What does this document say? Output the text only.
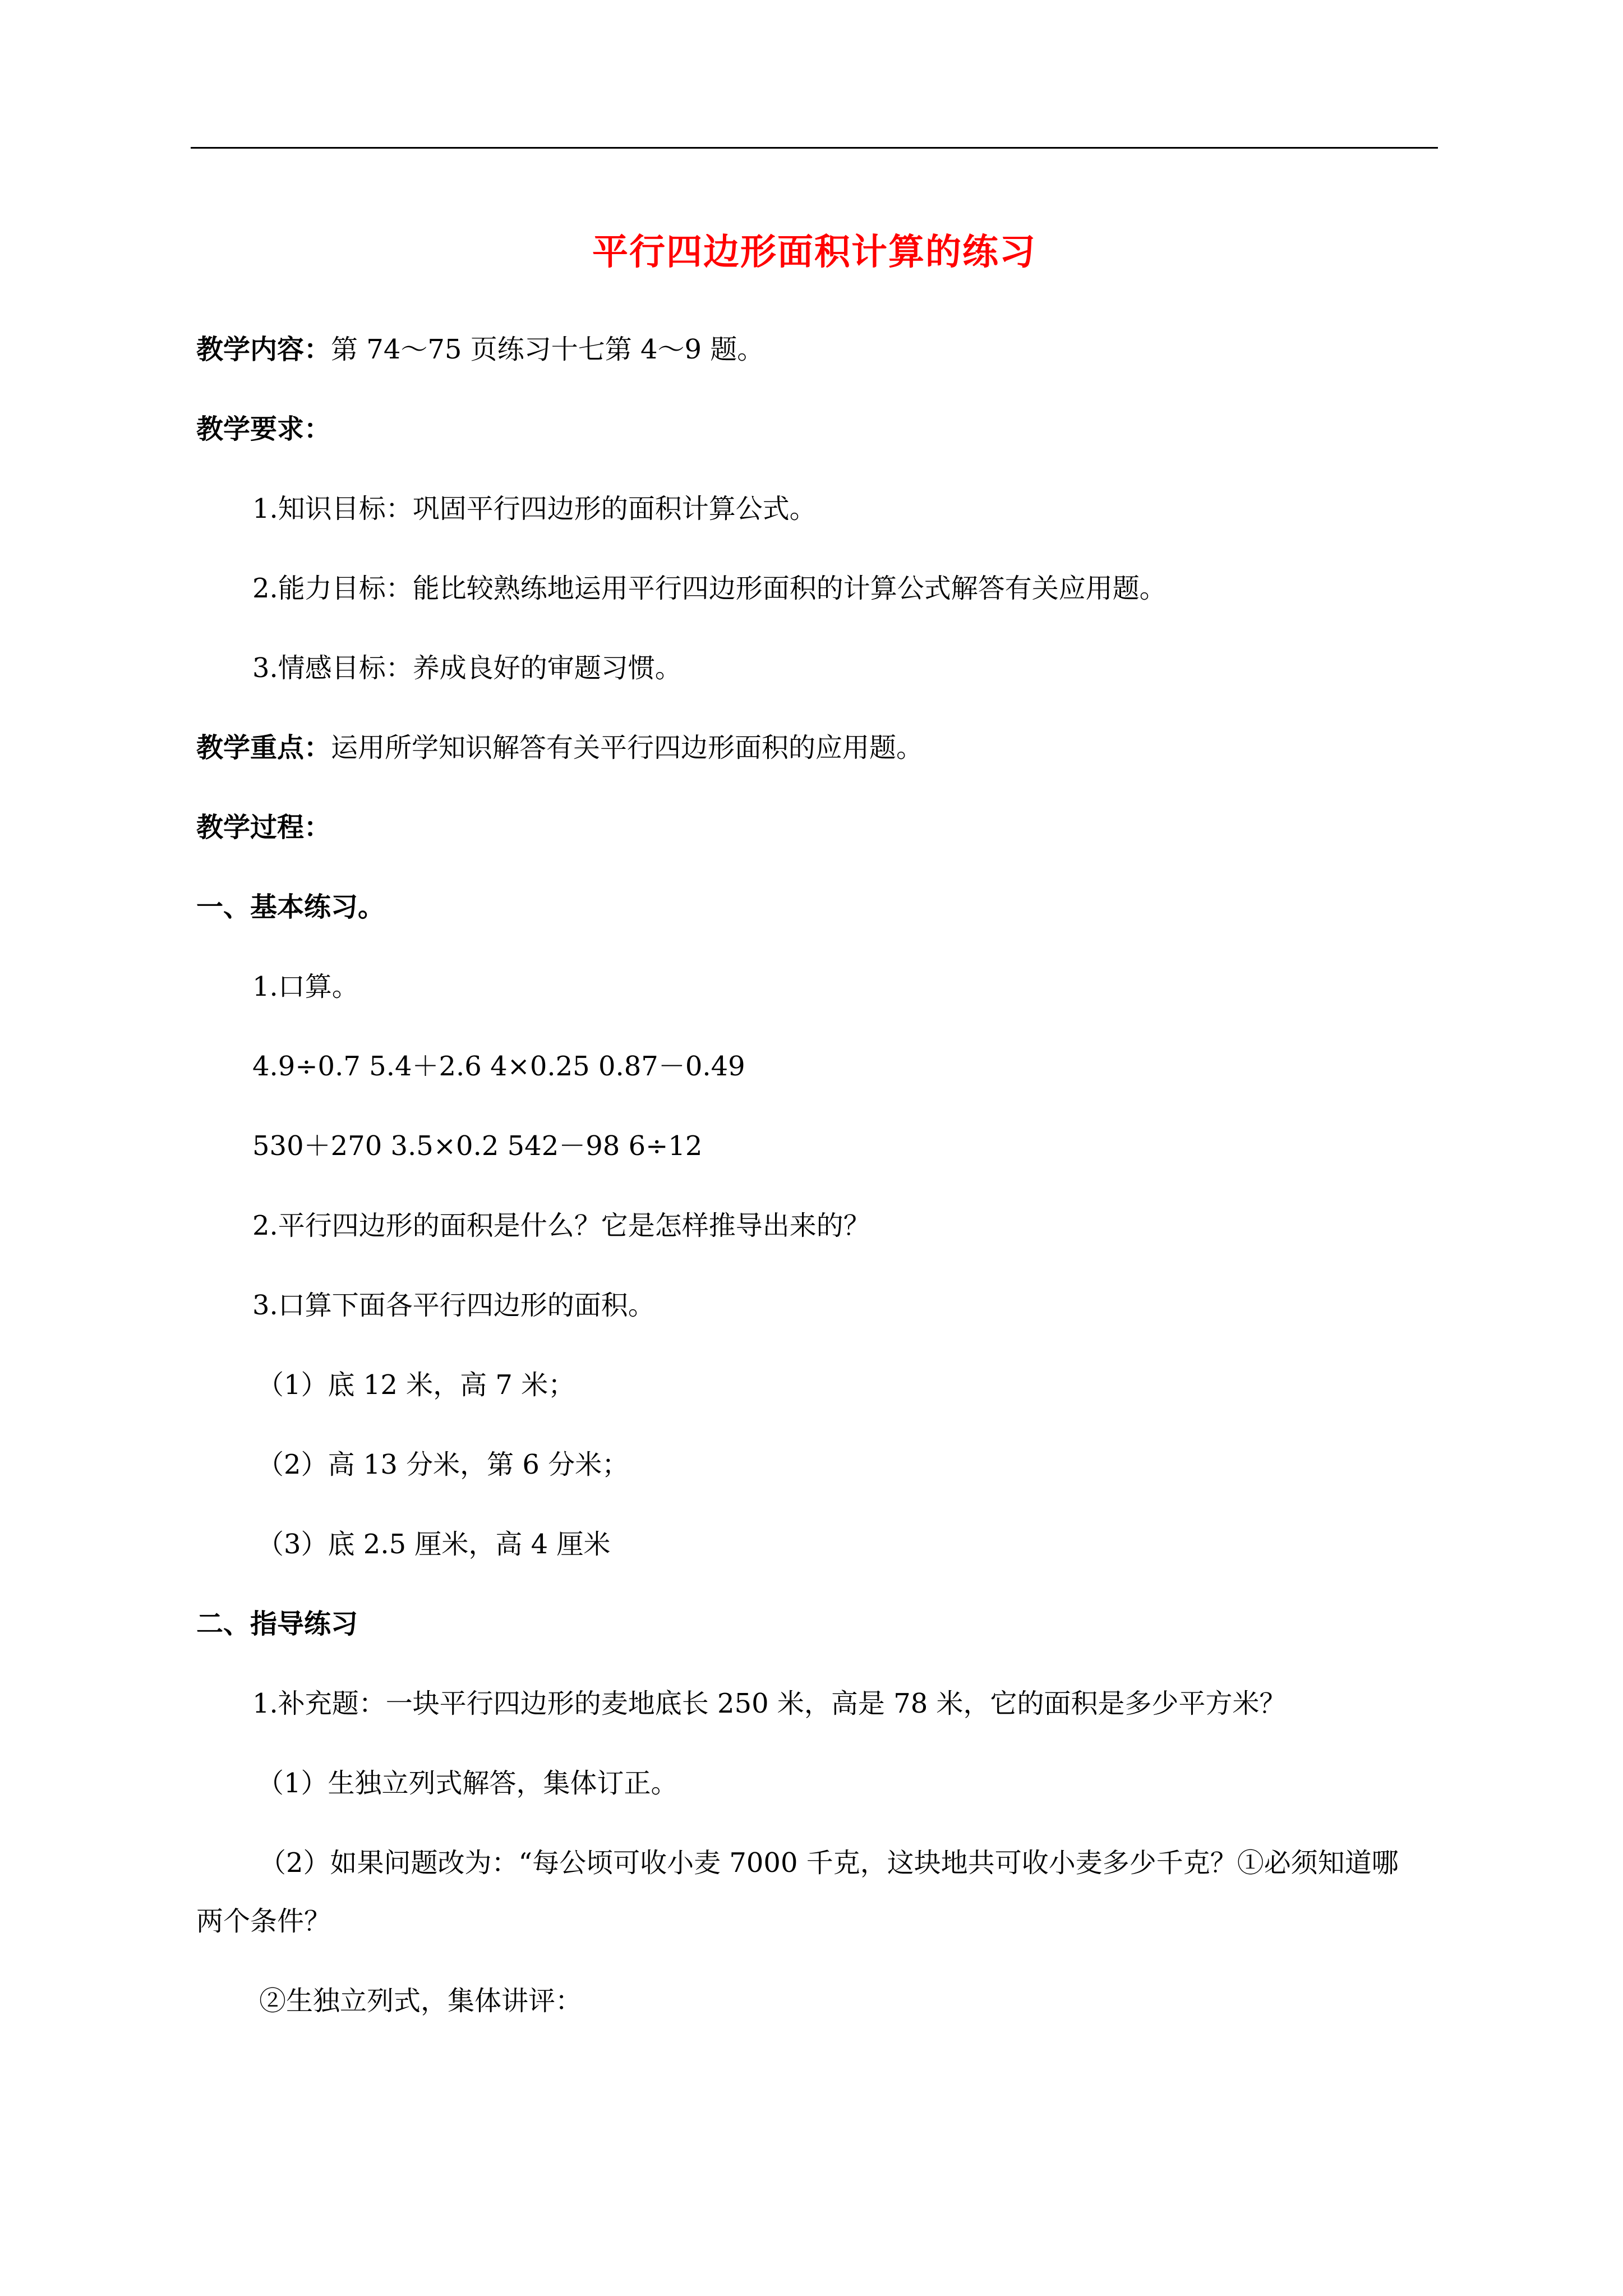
平行四边形面积计算的练习
教学内容：第 74～75 页练习十七第 4～9 题。
教学要求：
1.知识目标：巩固平行四边形的面积计算公式。
2.能力目标：能比较熟练地运用平行四边形面积的计算公式解答有关应用题。
3.情感目标：养成良好的审题习惯。
教学重点：运用所学知识解答有关平行四边形面积的应用题。
教学过程：
一、基本练习。
1.口算。
4.9÷0.7 5.4＋2.6 4×0.25 0.87－0.49
530＋270 3.5×0.2 542－98 6÷12
2.平行四边形的面积是什么？它是怎样推导出来的？
3.口算下面各平行四边形的面积。
（1）底 12 米，高 7 米；
（2）高 13 分米，第 6 分米；
（3）底 2.5 厘米，高 4 厘米
二、指导练习
1.补充题：一块平行四边形的麦地底长 250 米，高是 78 米，它的面积是多少平方米？
（1）生独立列式解答，集体订正。
（2）如果问题改为：“每公顷可收小麦 7000 千克，这块地共可收小麦多少千克？①必须知道哪
两个条件？
②生独立列式，集体讲评：
